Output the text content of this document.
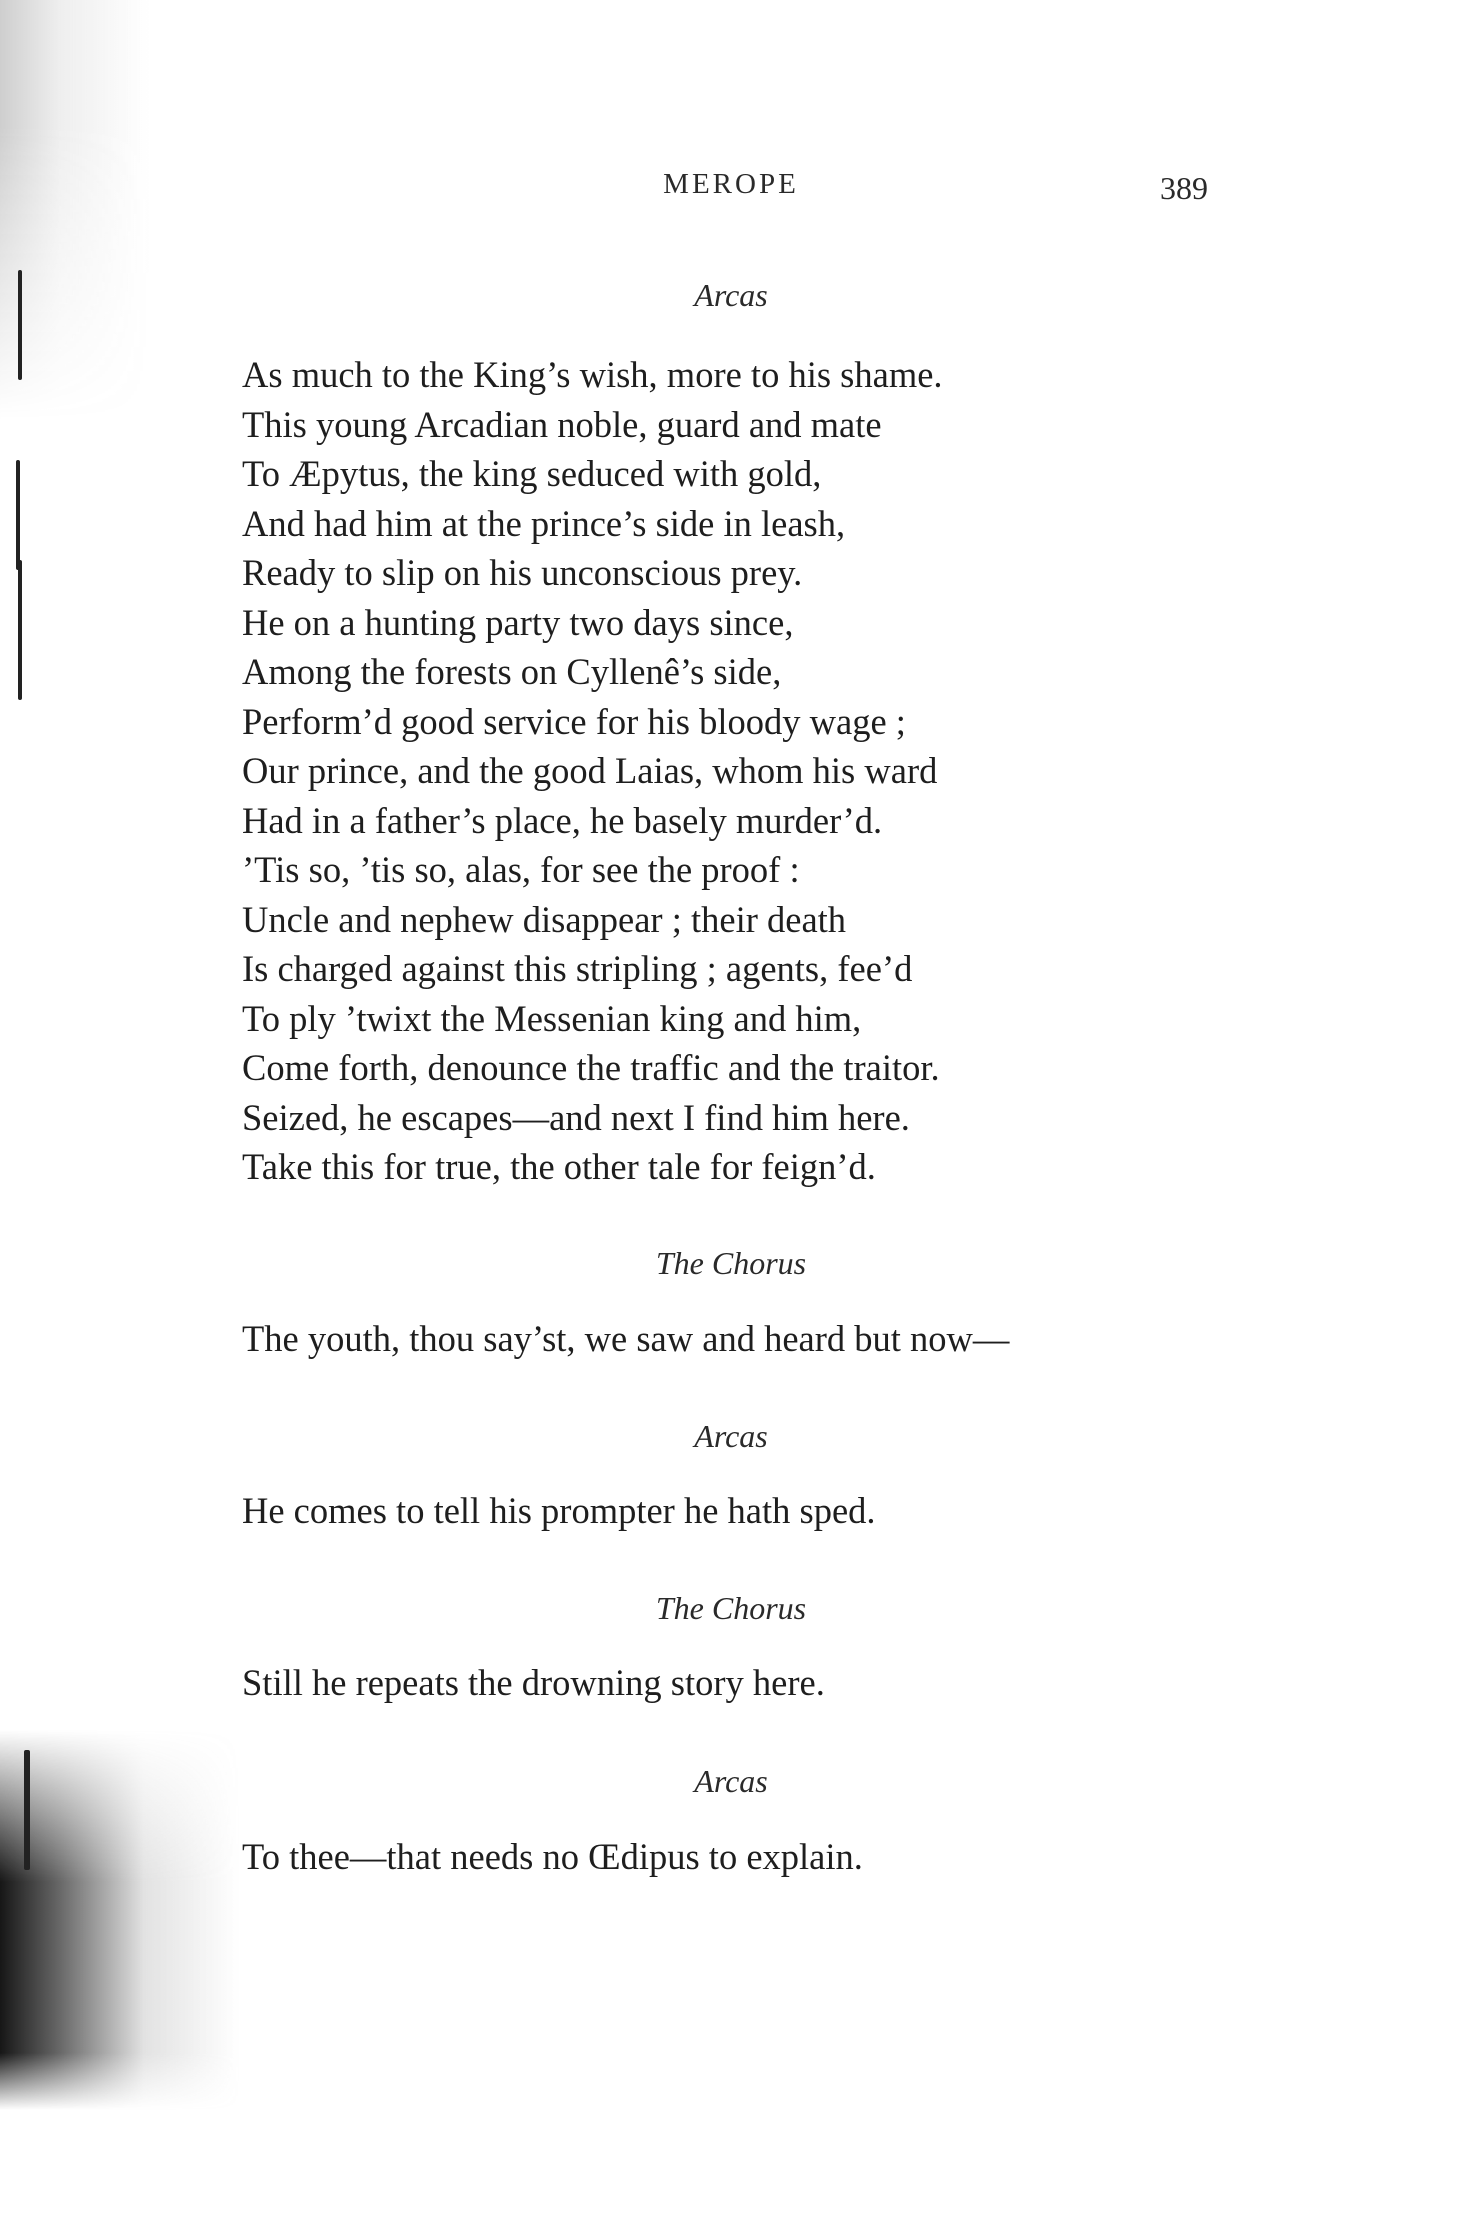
MEROPE	389
Arcas
As much to the King’s wish, more to his shame.
This young Arcadian noble, guard and mate
To Æpytus, the king seduced with gold,
And had him at the prince’s side in leash,
Ready to slip on his unconscious prey.
He on a hunting party two days since,
Among the forests on Cyllenê’s side,
Perform’d good service for his bloody wage ;
Our prince, and the good Laias, whom his ward
Had in a father’s place, he basely murder’d.
’Tis so, ’tis so, alas, for see the proof :
Uncle and nephew disappear ; their death
Is charged against this stripling ; agents, fee’d
To ply ’twixt the Messenian king and him,
Come forth, denounce the traffic and the traitor.
Seized, he escapes—and next I find him here.
Take this for true, the other tale for feign’d.
The Chorus
The youth, thou say’st, we saw and heard but now—
Arcas
He comes to tell his prompter he hath sped.
The Chorus
Still he repeats the drowning story here.
Arcas
To thee—that needs no Œdipus to explain.
